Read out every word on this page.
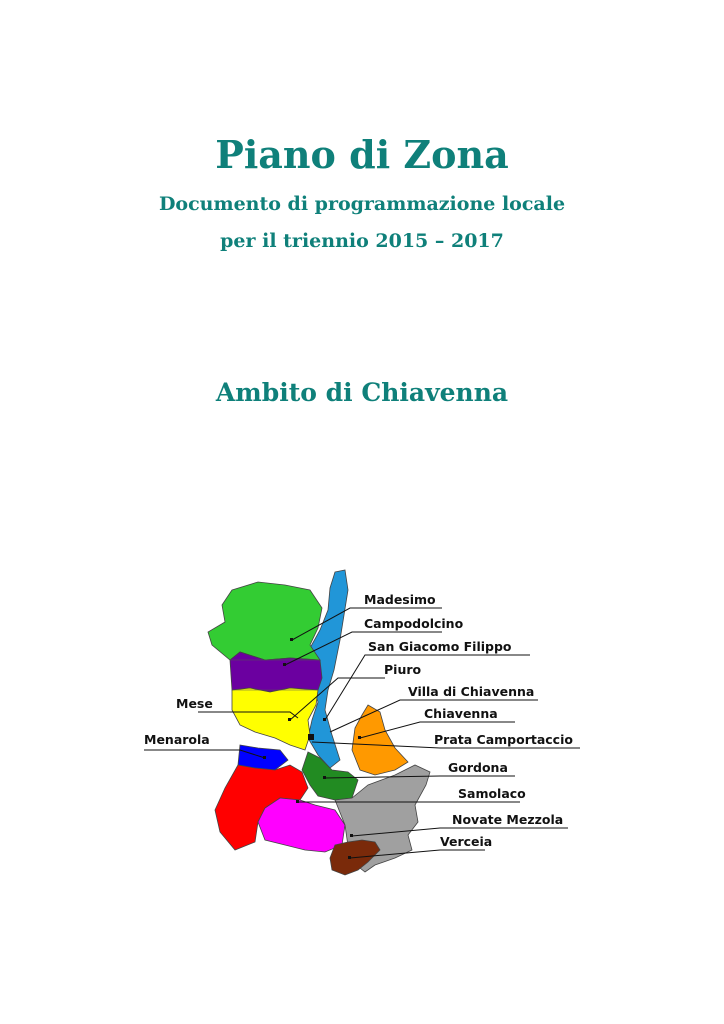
Piano di Zona
Documento di programmazione locale
per il triennio 2015 – 2017
Ambito di Chiavenna
Madesimo
Campodolcino
San Giacomo Filippo
Piuro
Villa di Chiavenna
Chiavenna
Prata Camportaccio
Gordona
Samolaco
Novate Mezzola
Verceia
Mese
Menarola
